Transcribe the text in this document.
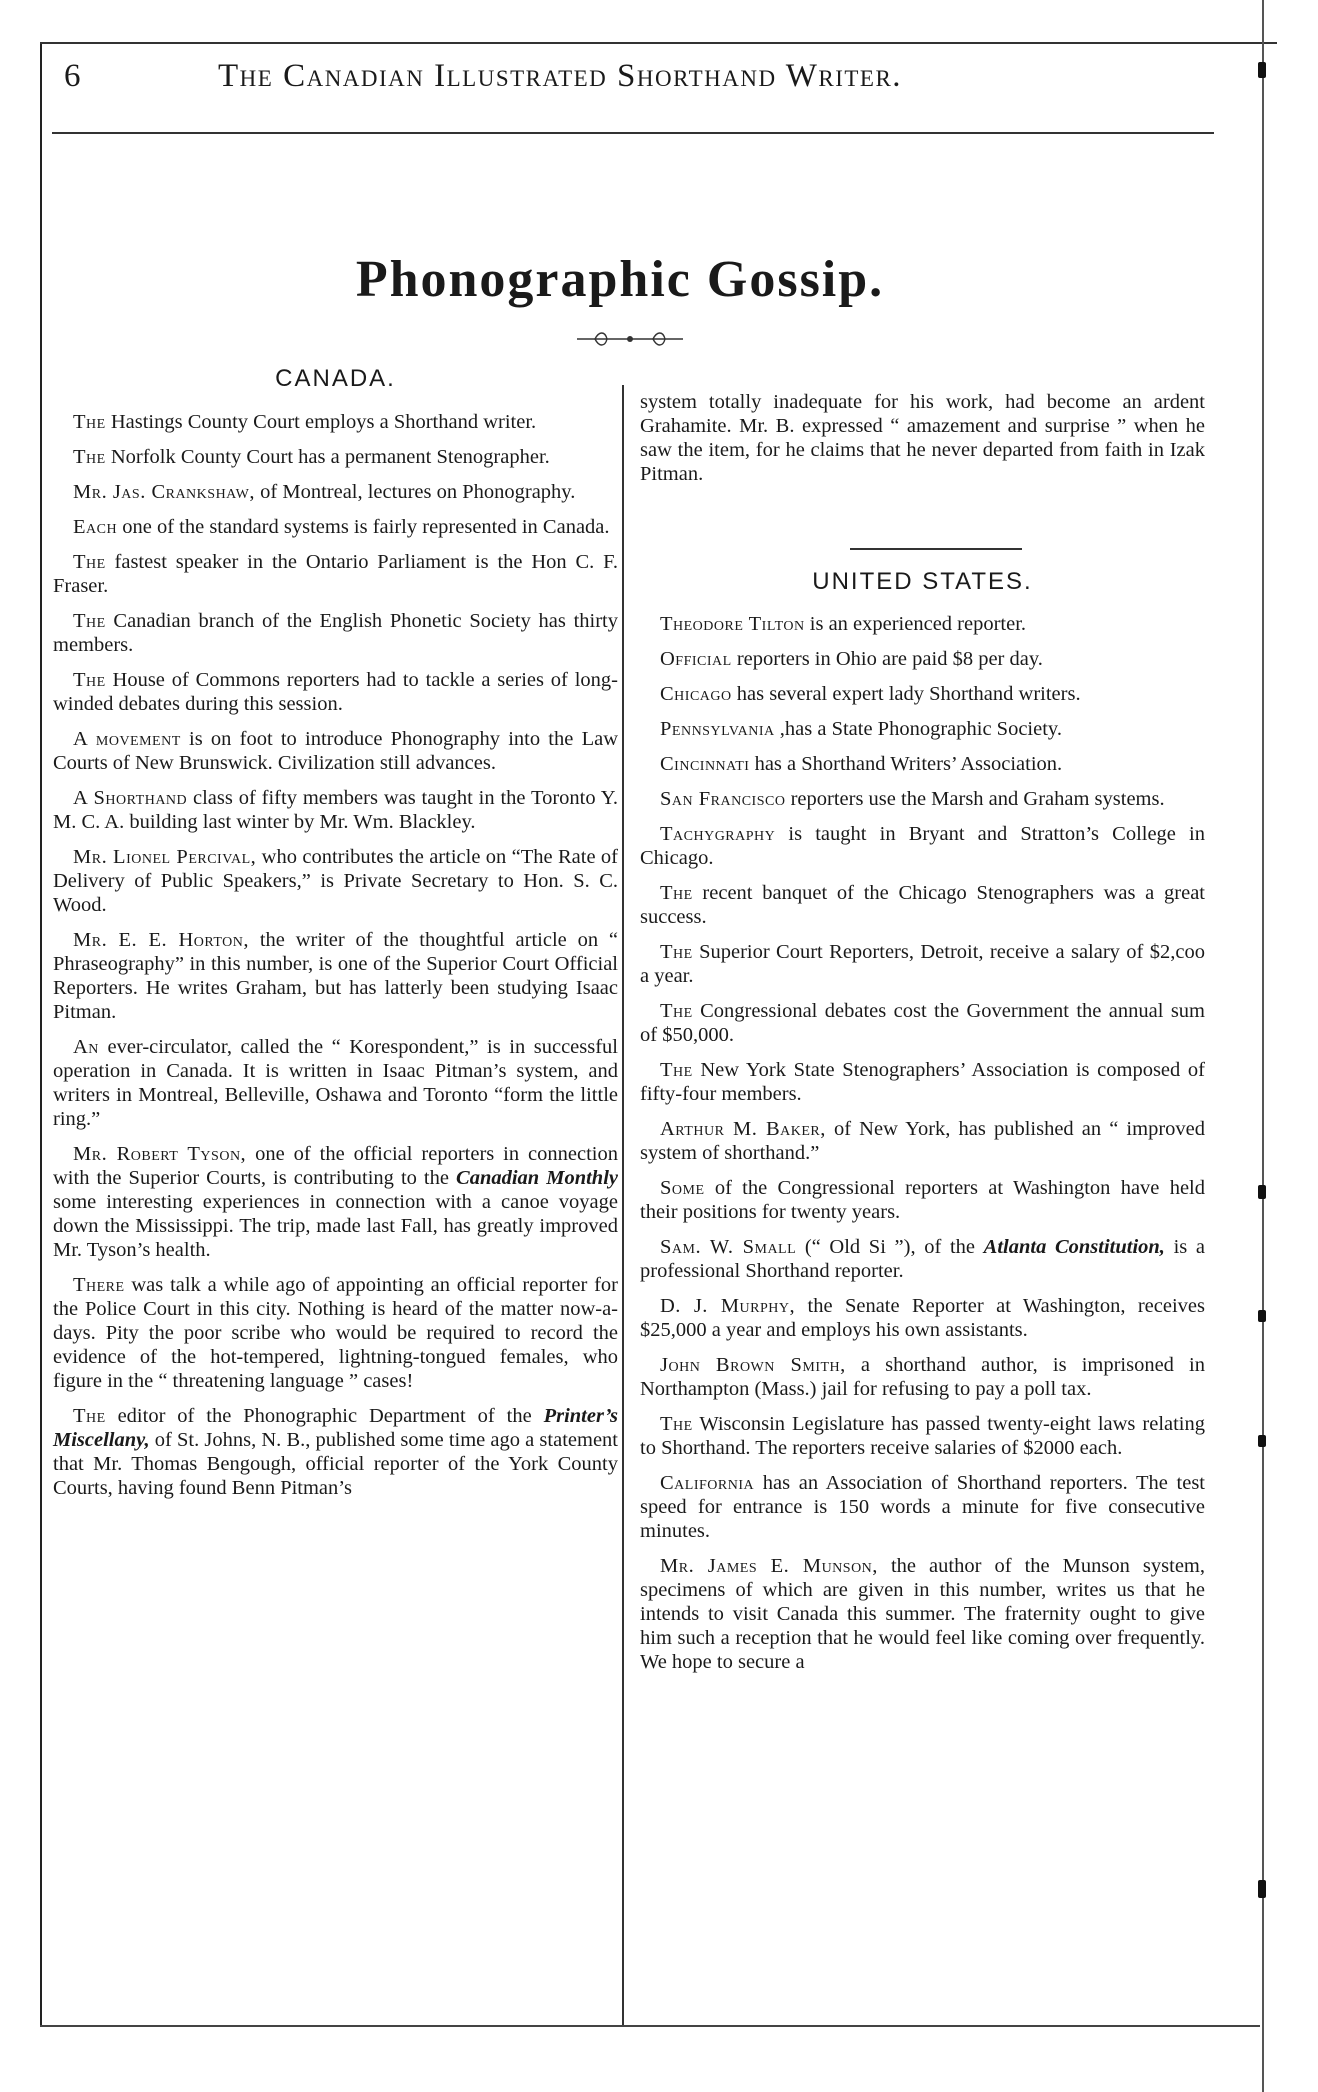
6	The Canadian Illustrated Shorthand Writer.
Phonographic Gossip.
CANADA.

The Hastings County Court employs a Shorthand writer.

The Norfolk County Court has a permanent Stenographer.

Mr. Jas. Crankshaw, of Montreal, lectures on Phonography.

Each one of the standard systems is fairly represented in Canada.

The fastest speaker in the Ontario Parliament is the Hon C. F. Fraser.

The Canadian branch of the English Phonetic Society has thirty members.

The House of Commons reporters had to tackle a series of long-winded debates during this session.

A movement is on foot to introduce Phonography into the Law Courts of New Brunswick. Civilization still advances.

A Shorthand class of fifty members was taught in the Toronto Y. M. C. A. building last winter by Mr. Wm. Blackley.

Mr. Lionel Percival, who contributes the article on “The Rate of Delivery of Public Speakers,” is Private Secretary to Hon. S. C. Wood.

Mr. E. E. Horton, the writer of the thoughtful article on “ Phraseography” in this number, is one of the Superior Court Official Reporters. He writes Graham, but has latterly been studying Isaac Pitman.

An ever-circulator, called the “ Korespondent,” is in successful operation in Canada. It is written in Isaac Pitman’s system, and writers in Montreal, Belleville, Oshawa and Toronto “form the little ring.”

Mr. Robert Tyson, one of the official reporters in connection with the Superior Courts, is contributing to the Canadian Monthly some interesting experiences in connection with a canoe voyage down the Mississippi. The trip, made last Fall, has greatly improved Mr. Tyson’s health.

There was talk a while ago of appointing an official reporter for the Police Court in this city. Nothing is heard of the matter now-a-days. Pity the poor scribe who would be required to record the evidence of the hot-tempered, lightning-tongued females, who figure in the “ threatening language ” cases!

The editor of the Phonographic Department of the Printer’s Miscellany, of St. Johns, N. B., published some time ago a statement that Mr. Thomas Bengough, official reporter of the York County Courts, having found Benn Pitman’s

system totally inadequate for his work, had become an ardent Grahamite. Mr. B. expressed “ amazement and surprise ” when he saw the item, for he claims that he never departed from faith in Izak Pitman.

UNITED STATES.

Theodore Tilton is an experienced reporter.

Official reporters in Ohio are paid $8 per day.

Chicago has several expert lady Shorthand writers.

Pennsylvania ,has a State Phonographic Society.

Cincinnati has a Shorthand Writers’ Association.

San Francisco reporters use the Marsh and Graham systems.

Tachygraphy is taught in Bryant and Stratton’s College in Chicago.

The recent banquet of the Chicago Stenographers was a great success.

The Superior Court Reporters, Detroit, receive a salary of $2,coo a year.

The Congressional debates cost the Government the annual sum of $50,000.

The New York State Stenographers’ Association is composed of fifty-four members.

Arthur M. Baker, of New York, has published an “ improved system of shorthand.”

Some of the Congressional reporters at Washington have held their positions for twenty years.

Sam. W. Small (“ Old Si ”), of the Atlanta Constitution, is a professional Shorthand reporter.

D. J. Murphy, the Senate Reporter at Washington, receives $25,000 a year and employs his own assistants.

John Brown Smith, a shorthand author, is imprisoned in Northampton (Mass.) jail for refusing to pay a poll tax.

The Wisconsin Legislature has passed twenty-eight laws relating to Shorthand. The reporters receive salaries of $2000 each.

California has an Association of Shorthand reporters. The test speed for entrance is 150 words a minute for five consecutive minutes.

Mr. James E. Munson, the author of the Munson system, specimens of which are given in this number, writes us that he intends to visit Canada this summer. The fraternity ought to give him such a reception that he would feel like coming over frequently. We hope to secure a
